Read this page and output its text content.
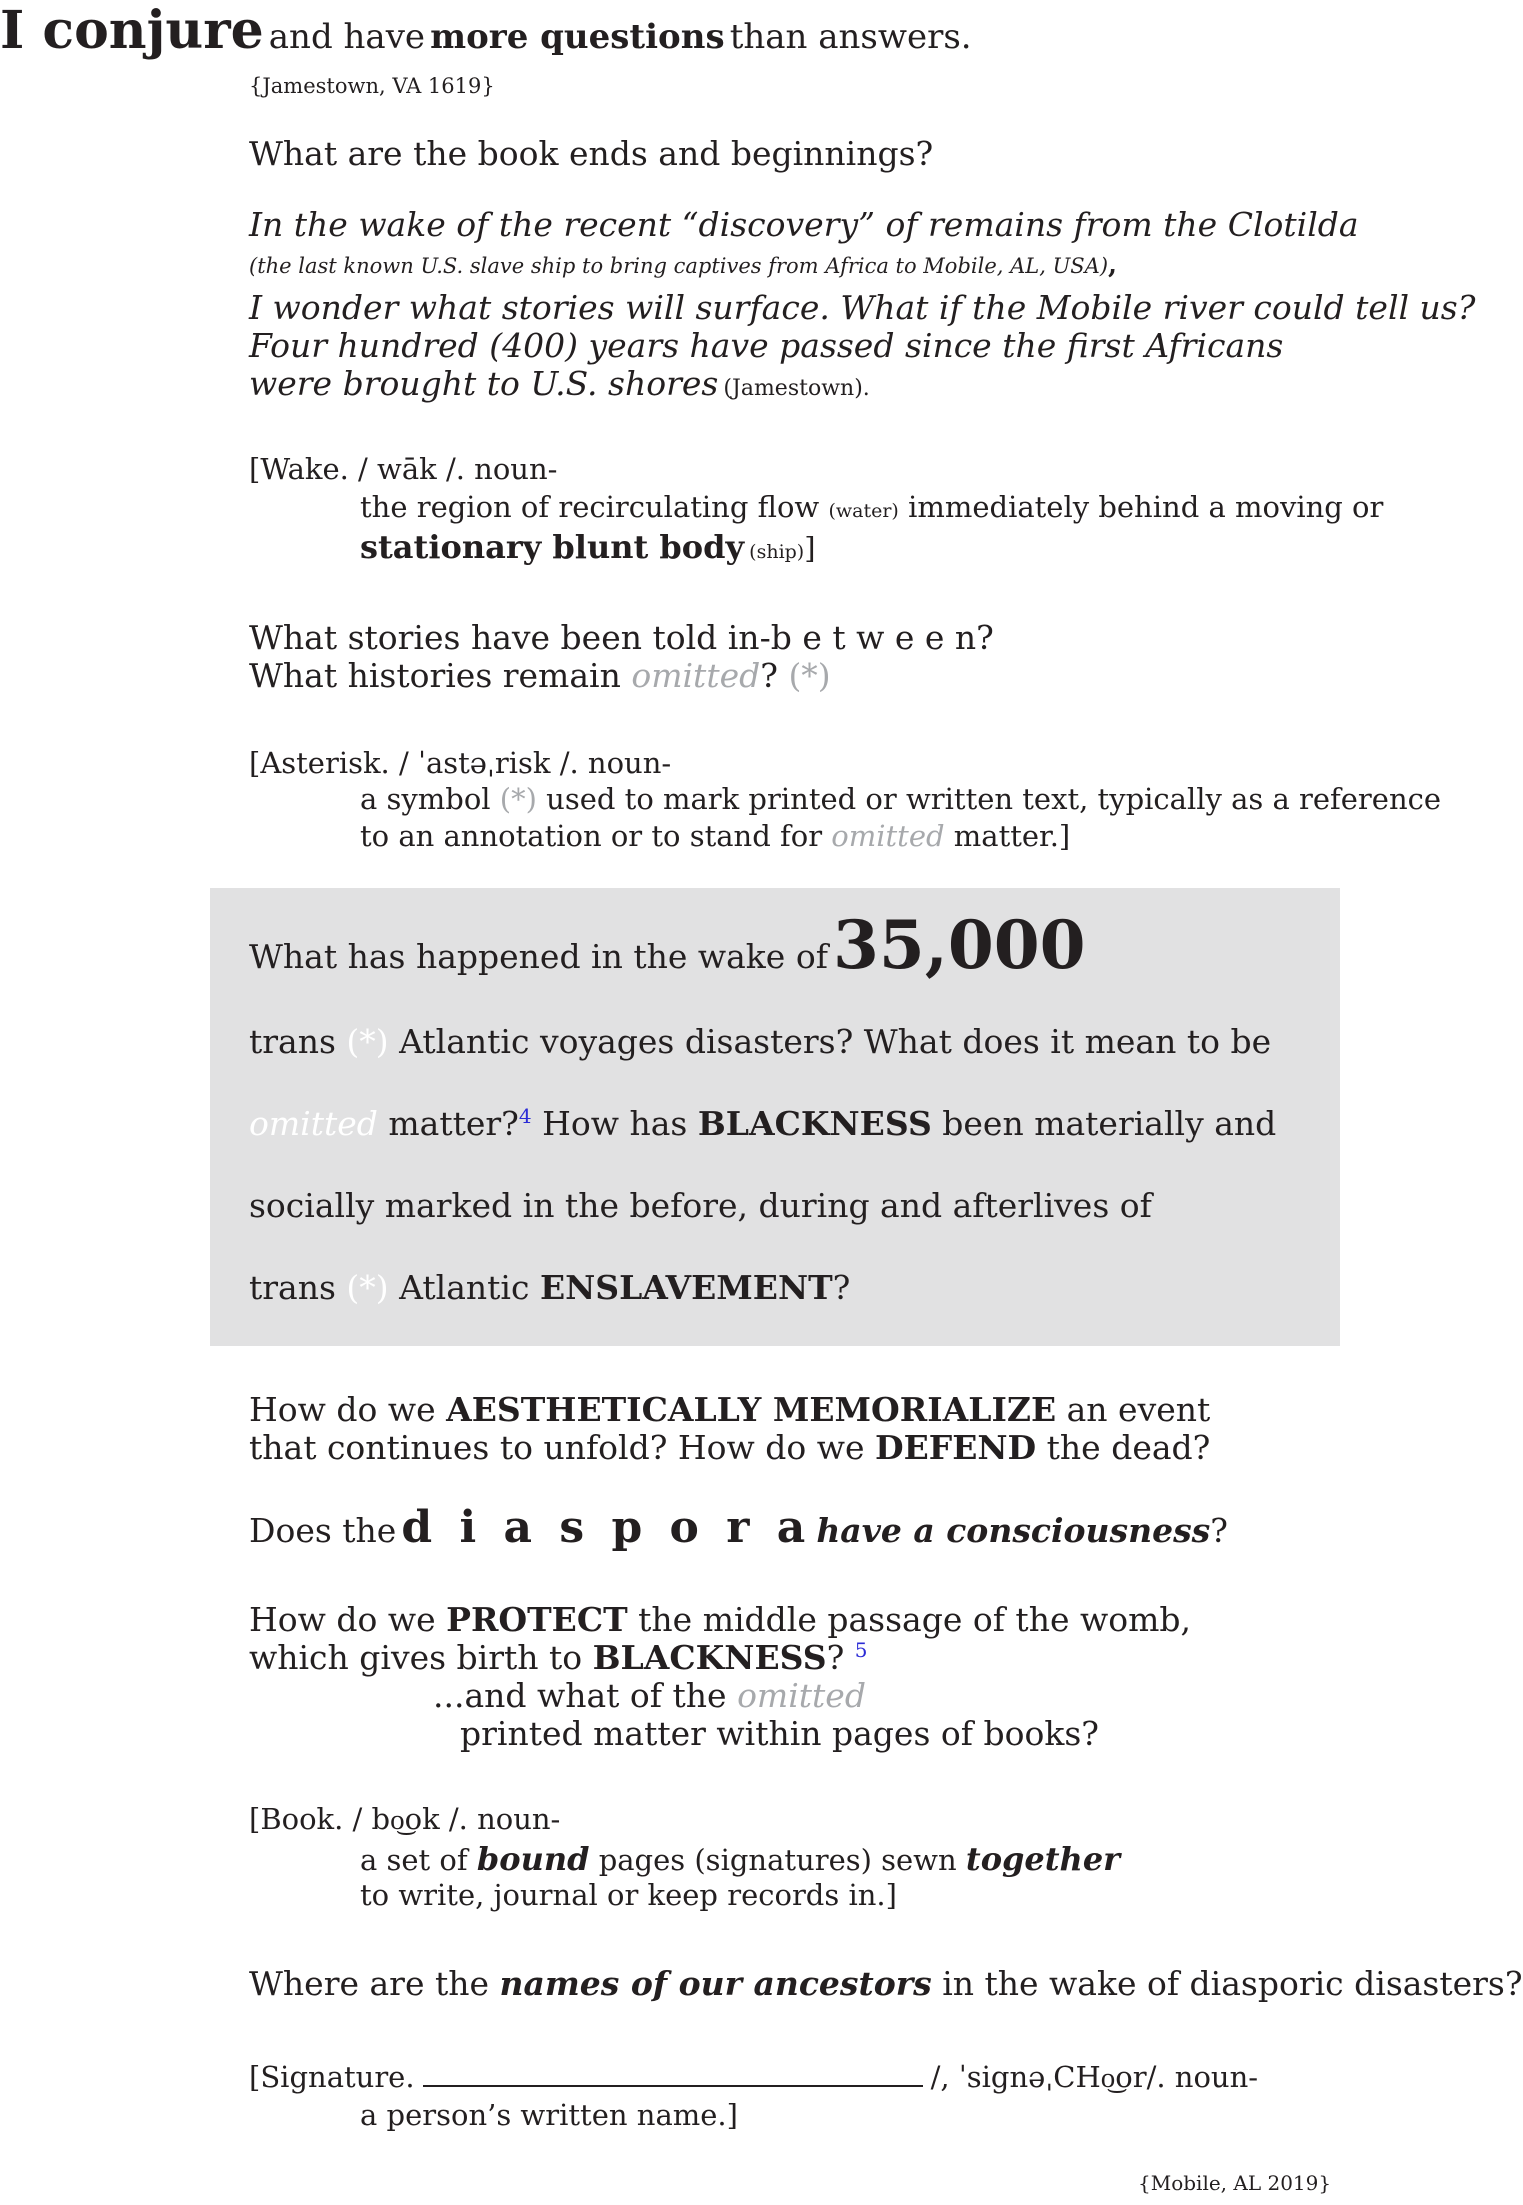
I conjure and have more questions than answers.
{Jamestown, VA 1619}
What are the book ends and beginnings?
In the wake of the recent “discovery” of remains from the Clotilda
(the last known U.S. slave ship to bring captives from Africa to Mobile, AL, USA),
I wonder what stories will surface. What if the Mobile river could tell us?
Four hundred (400) years have passed since the first Africans
were brought to U.S. shores (Jamestown).
[Wake. / wāk /. noun-
the region of recirculating flow (water) immediately behind a moving or
stationary blunt body (ship)]
What stories have been told in-b e t w e e n?
What histories remain omitted? (*)
[Asterisk. / ˈastəˌrisk /. noun-
a symbol (*) used to mark printed or written text, typically as a reference
to an annotation or to stand for omitted matter.]
What has happened in the wake of 35,000
trans (*) Atlantic voyages disasters? What does it mean to be
omitted matter?$^4$ How has BLACKNESS been materially and
socially marked in the before, during and afterlives of
trans (*) Atlantic ENSLAVEMENT?
How do we AESTHETICALLY MEMORIALIZE an event
that continues to unfold? How do we DEFEND the dead?
Does the d i a s p o r a have a consciousness?
How do we PROTECT the middle passage of the womb,
which gives birth to BLACKNESS? $^5$
...and what of the omitted
printed matter within pages of books?
[Book. / bo͜ok /. noun-
a set of bound pages (signatures) sewn together
to write, journal or keep records in.]
Where are the names of our ancestors in the wake of diasporic disasters?
[Signature.	/, ˈsignəˌCHo͜or/. noun-
a person’s written name.]
{Mobile, AL 2019}
